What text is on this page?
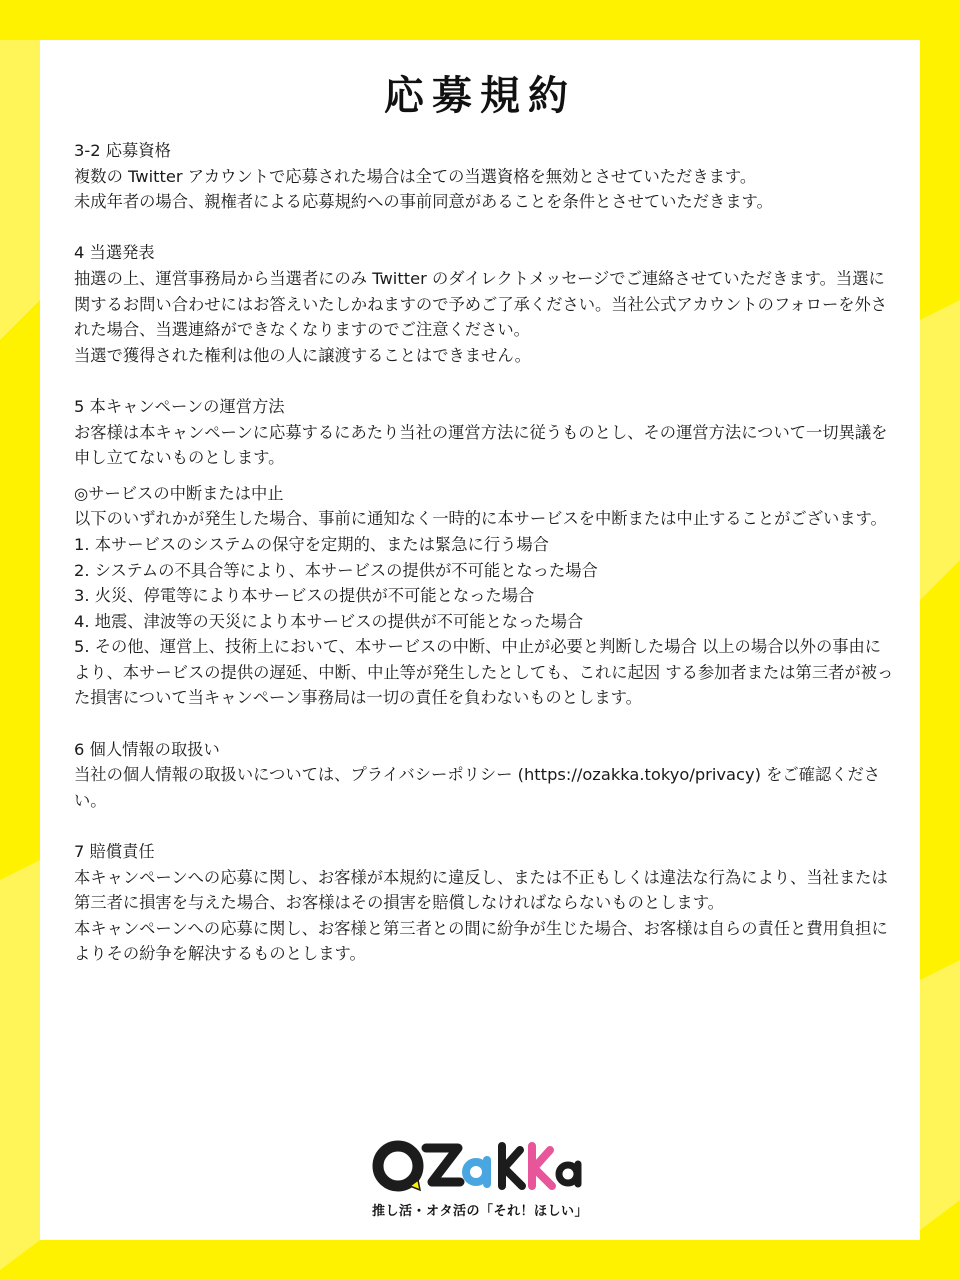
応募規約
3-2 応募資格
複数の Twitter アカウントで応募された場合は全ての当選資格を無効とさせていただきます。
未成年者の場合、親権者による応募規約への事前同意があることを条件とさせていただきます。
4 当選発表
抽選の上、運営事務局から当選者にのみ Twitter のダイレクトメッセージでご連絡させていただきます。当選に関するお問い合わせにはお答えいたしかねますので予めご了承ください。当社公式アカウントのフォローを外された場合、当選連絡ができなくなりますのでご注意ください。
当選で獲得された権利は他の人に譲渡することはできません。
5 本キャンペーンの運営方法
お客様は本キャンペーンに応募するにあたり当社の運営方法に従うものとし、その運営方法について一切異議を申し立てないものとします。
◎サービスの中断または中止
以下のいずれかが発生した場合、事前に通知なく一時的に本サービスを中断または中止することがございます。
1. 本サービスのシステムの保守を定期的、または緊急に行う場合
2. システムの不具合等により、本サービスの提供が不可能となった場合
3. 火災、停電等により本サービスの提供が不可能となった場合
4. 地震、津波等の天災により本サービスの提供が不可能となった場合
5. その他、運営上、技術上において、本サービスの中断、中止が必要と判断した場合 以上の場合以外の事由により、本サービスの提供の遅延、中断、中止等が発生したとしても、これに起因 する参加者または第三者が被った損害について当キャンペーン事務局は一切の責任を負わないものとします。
6 個人情報の取扱い
当社の個人情報の取扱いについては、プライバシーポリシー (https://ozakka.tokyo/privacy) をご確認ください。
7 賠償責任
本キャンペーンへの応募に関し、お客様が本規約に違反し、または不正もしくは違法な行為により、当社または第三者に損害を与えた場合、お客様はその損害を賠償しなければならないものとします。
本キャンペーンへの応募に関し、お客様と第三者との間に紛争が生じた場合、お客様は自らの責任と費用負担によりその紛争を解決するものとします。
推し活・オタ活の「それ！ほしい」
